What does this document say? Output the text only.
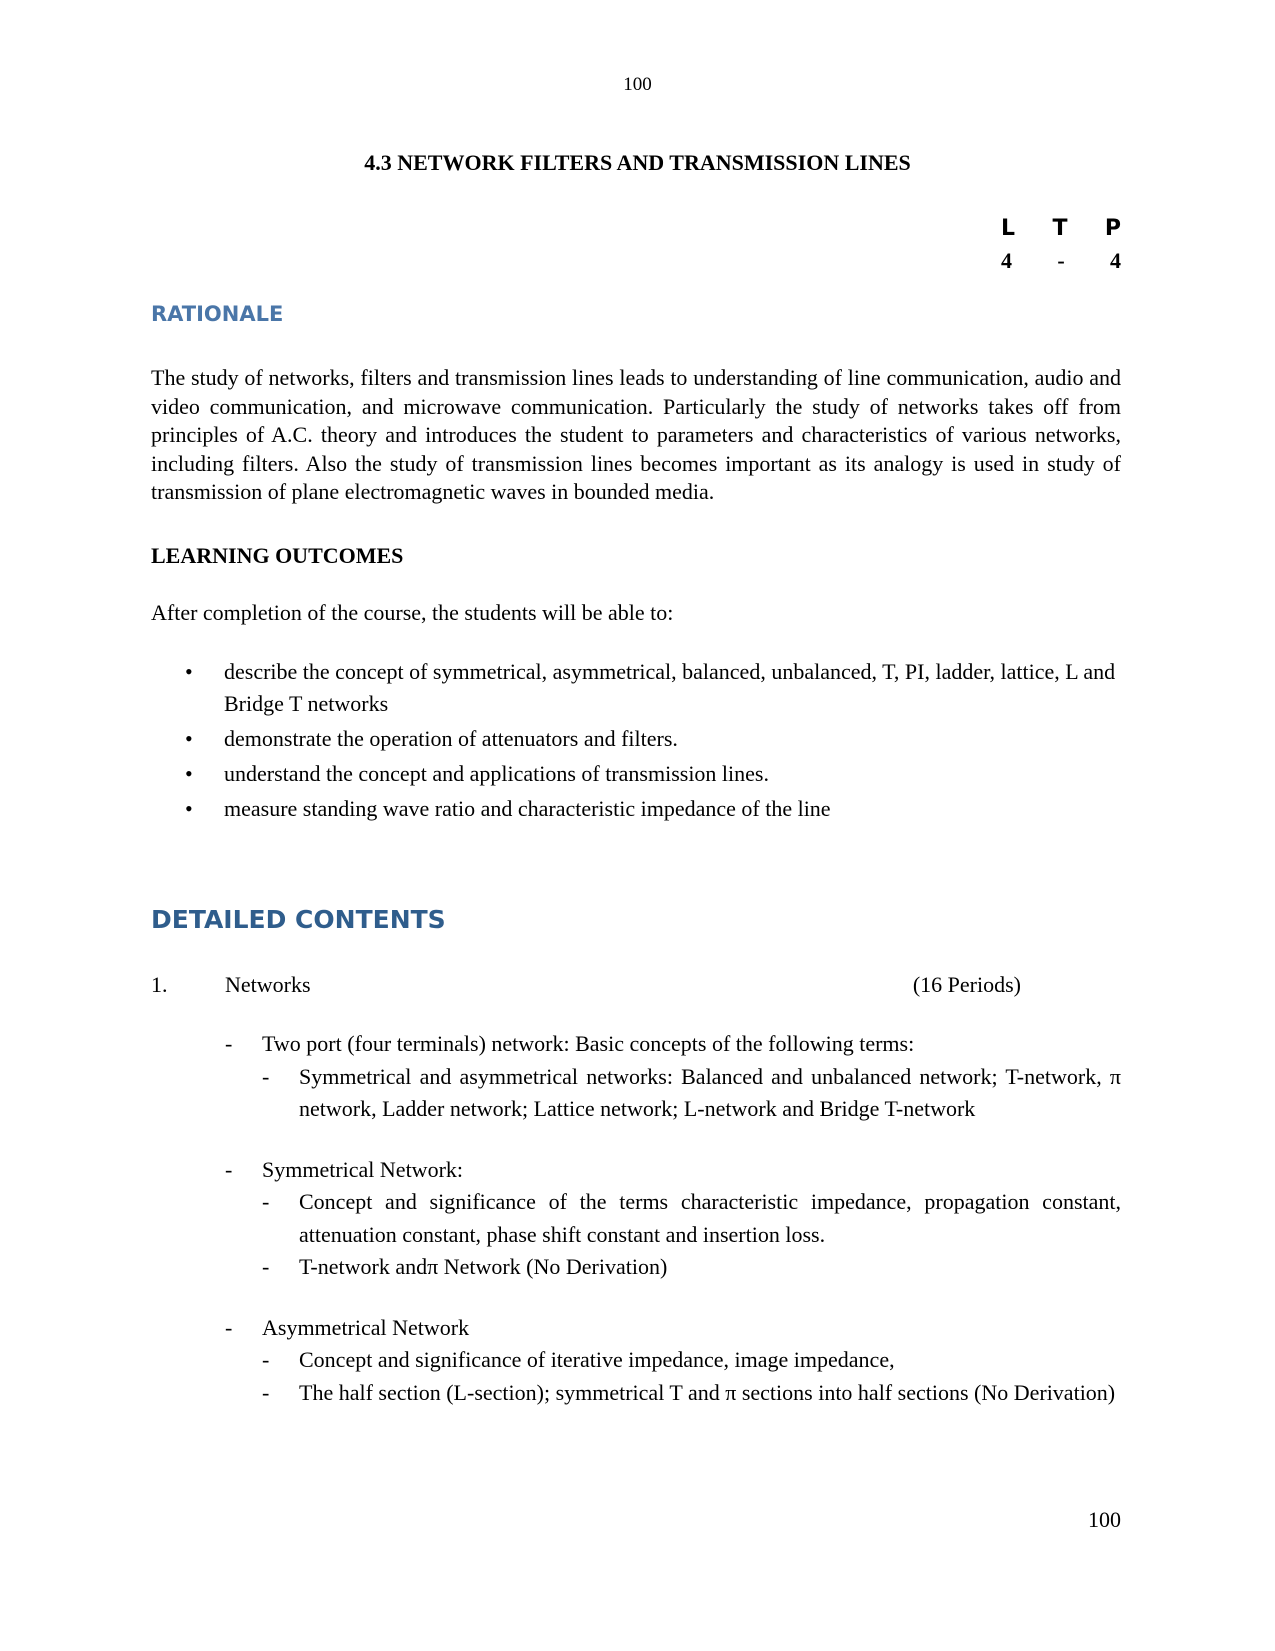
100
4.3 NETWORK FILTERS AND TRANSMISSION LINES
L T P
4 - 4
RATIONALE
The study of networks, filters and transmission lines leads to understanding of line communication, audio and video communication, and microwave communication. Particularly the study of networks takes off from principles of A.C. theory and introduces the student to parameters and characteristics of various networks, including filters. Also the study of transmission lines becomes important as its analogy is used in study of transmission of plane electromagnetic waves in bounded media.
LEARNING OUTCOMES
After completion of the course, the students will be able to:
• describe the concept of symmetrical, asymmetrical, balanced, unbalanced, T, PI, ladder, lattice, L and Bridge T networks
• demonstrate the operation of attenuators and filters.
• understand the concept and applications of transmission lines.
• measure standing wave ratio and characteristic impedance of the line
DETAILED CONTENTS
1.	Networks	(16 Periods)
- Two port (four terminals) network: Basic concepts of the following terms:
- Symmetrical and asymmetrical networks: Balanced and unbalanced network; T-network, π network, Ladder network; Lattice network; L-network and Bridge T-network
- Symmetrical Network:
- Concept and significance of the terms characteristic impedance, propagation constant, attenuation constant, phase shift constant and insertion loss.
- T-network andπ Network (No Derivation)
- Asymmetrical Network
- Concept and significance of iterative impedance, image impedance,
- The half section (L-section); symmetrical T and π sections into half sections (No Derivation)
100
